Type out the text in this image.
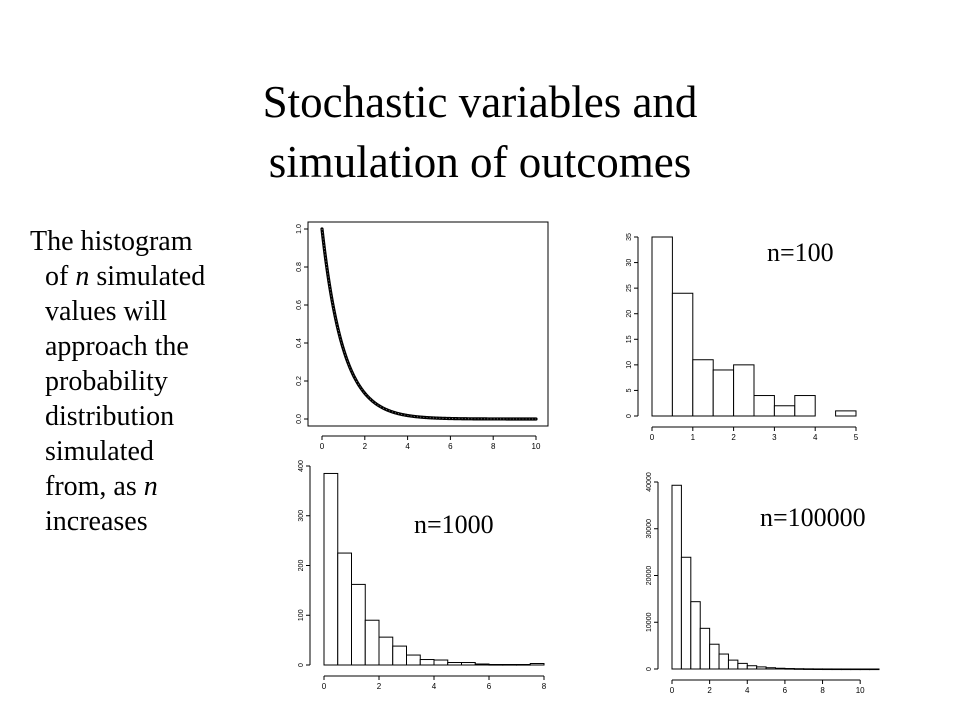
Stochastic variables and
simulation of outcomes
The histogram
of n simulated
values will
approach the
probability
distribution
simulated
from, as n
increases
0	2	4	6	8	10
0.0
0.2
0.4
0.6
0.8
1.0
0	1	2	3	4	5
0
5
10
15
20
25
30
35
0	2	4	6	8
0
100
200
300
400
0	2	4	6	8	10
0
10000
20000
30000
40000
n=100
n=1000	n=100000
